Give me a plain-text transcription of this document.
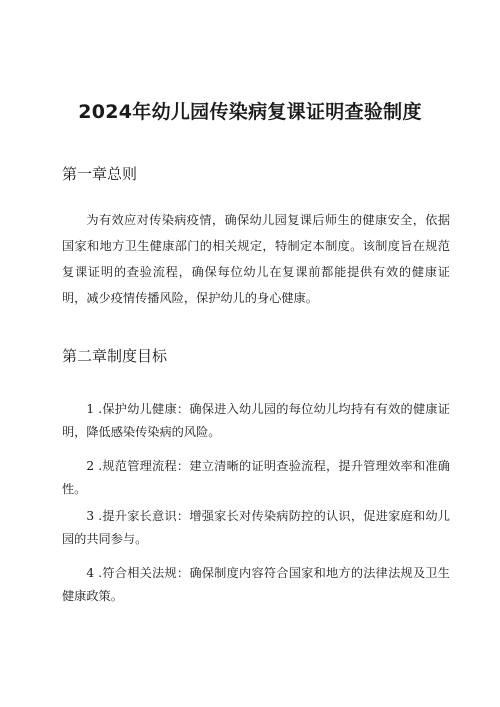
2024年幼儿园传染病复课证明查验制度
第一章总则

为有效应对传染病疫情，确保幼儿园复课后师生的健康安全，依据国家和地方卫生健康部门的相关规定，特制定本制度。该制度旨在规范复课证明的查验流程，确保每位幼儿在复课前都能提供有效的健康证明，减少疫情传播风险，保护幼儿的身心健康。

第二章制度目标

1 .保护幼儿健康：确保进入幼儿园的每位幼儿均持有有效的健康证明，降低感染传染病的风险。

2 .规范管理流程：建立清晰的证明查验流程，提升管理效率和准确性。

3 .提升家长意识：增强家长对传染病防控的认识，促进家庭和幼儿园的共同参与。

4 .符合相关法规：确保制度内容符合国家和地方的法律法规及卫生健康政策。
